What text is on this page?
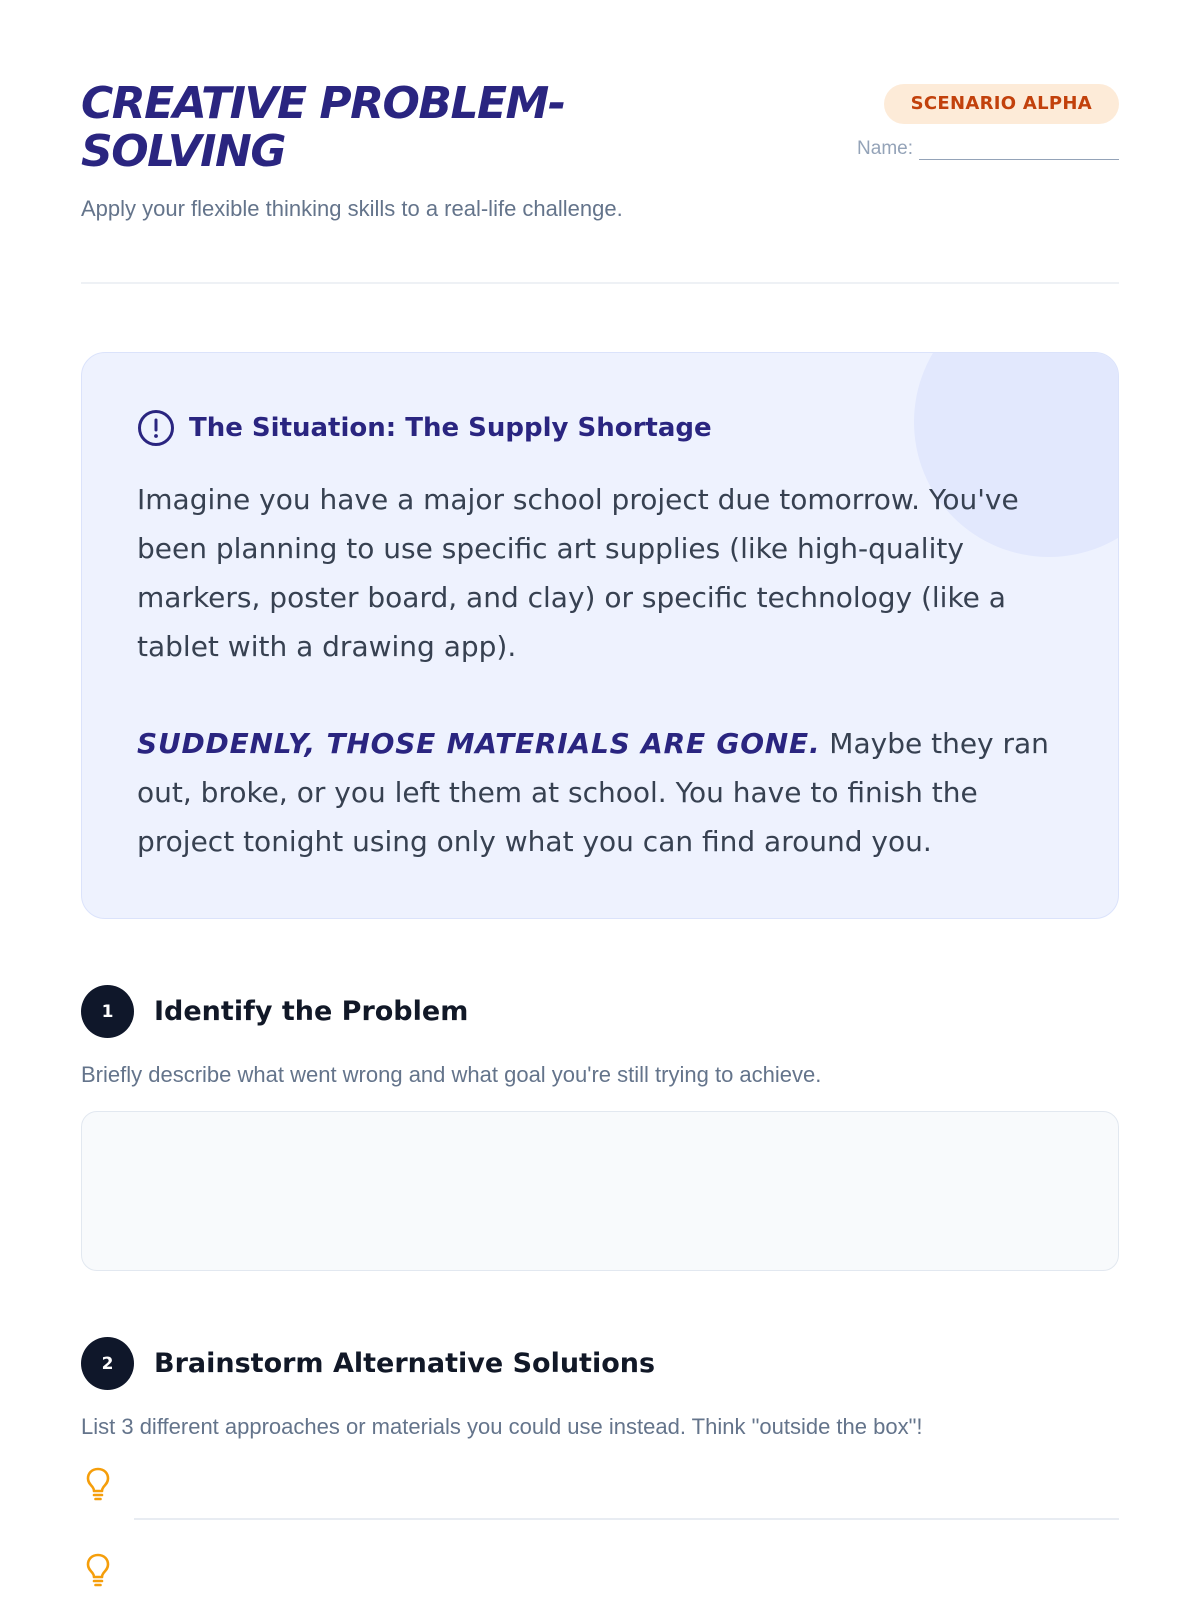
CREATIVE PROBLEM-SOLVING

Apply your flexible thinking skills to a real-life challenge.

SCENARIO ALPHA
Name:
The Situation: The Supply Shortage

Imagine you have a major school project due tomorrow. You've been planning to use specific art supplies (like high-quality markers, poster board, and clay) or specific technology (like a tablet with a drawing app).

SUDDENLY, THOSE MATERIALS ARE GONE. Maybe they ran out, broke, or you left them at school. You have to finish the project tonight using only what you can find around you.

1	Identify the Problem

Briefly describe what went wrong and what goal you're still trying to achieve.

2	Brainstorm Alternative Solutions

List 3 different approaches or materials you could use instead. Think "outside the box"!
